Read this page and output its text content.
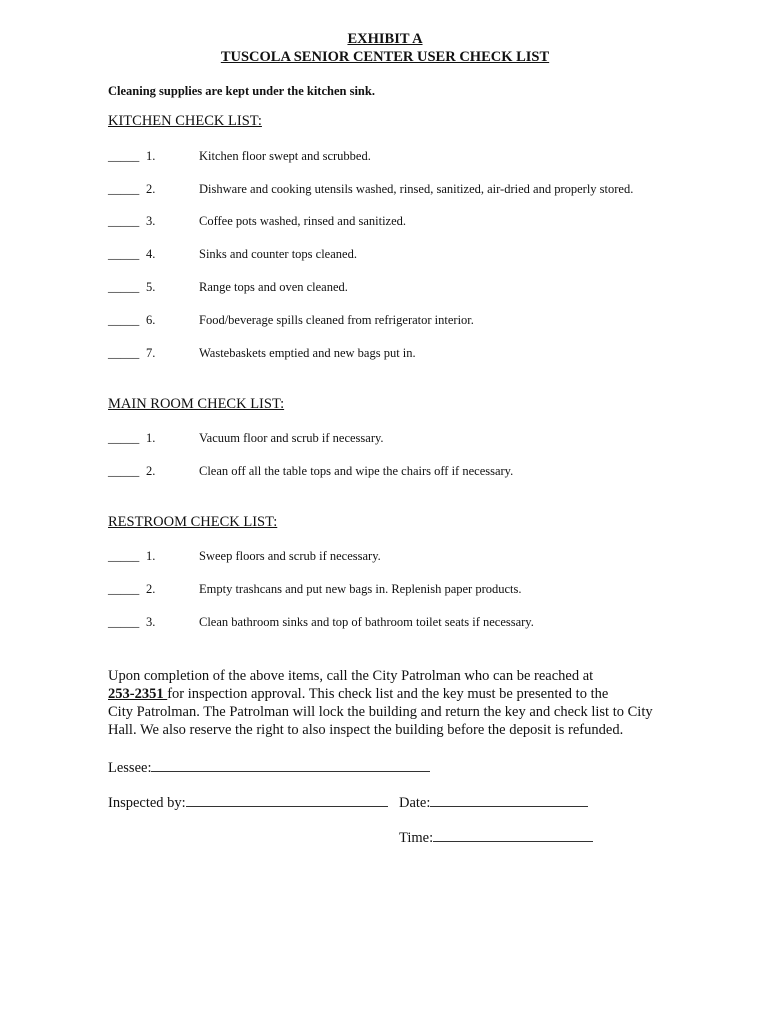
EXHIBIT A
TUSCOLA SENIOR CENTER USER CHECK LIST
Cleaning supplies are kept under the kitchen sink.
KITCHEN CHECK LIST:
_____ 1.	Kitchen floor swept and scrubbed.
_____ 2.	Dishware and cooking utensils washed, rinsed, sanitized, air-dried and properly stored.
_____ 3.	Coffee pots washed, rinsed and sanitized.
_____ 4.	Sinks and counter tops cleaned.
_____ 5.	Range tops and oven cleaned.
_____ 6.	Food/beverage spills cleaned from refrigerator interior.
_____ 7.	Wastebaskets emptied and new bags put in.
MAIN ROOM CHECK LIST:
_____ 1.	Vacuum floor and scrub if necessary.
_____ 2.	Clean off all the table tops and wipe the chairs off if necessary.
RESTROOM CHECK LIST:
_____ 1.	Sweep floors and scrub if necessary.
_____ 2.	Empty trashcans and put new bags in. Replenish paper products.
_____ 3.	Clean bathroom sinks and top of bathroom toilet seats if necessary.
Upon completion of the above items, call the City Patrolman who can be reached at
253-2351 for inspection approval. This check list and the key must be presented to the
City Patrolman. The Patrolman will lock the building and return the key and check list to City
Hall. We also reserve the right to also inspect the building before the deposit is refunded.
Lessee:
Inspected by:	Date:
Time:
